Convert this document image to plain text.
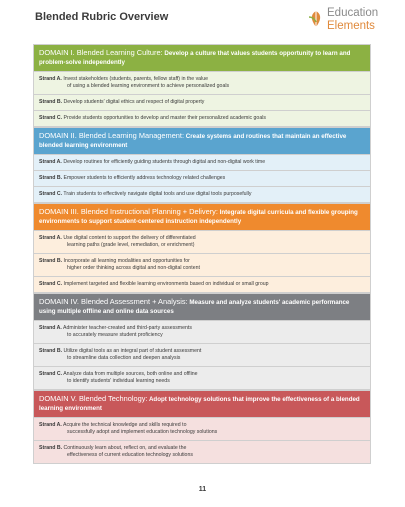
Blended Rubric Overview	Education
Elements
DOMAIN I. Blended Learning Culture: Develop a culture that values students opportunity to learn and problem-solve independently
Strand A. Invest stakeholders (students, parents, fellow staff) in the value
of using a blended learning environment to achieve personalized goals
Strand B. Develop students' digital ethics and respect of digital property
Strand C. Provide students opportunities to develop and master their personalized academic goals
DOMAIN II. Blended Learning Management: Create systems and routines that maintain an effective blended learning environment
Strand A. Develop routines for efficiently guiding students through digital and non-digital work time
Strand B. Empower students to efficiently address technology related challenges
Strand C. Train students to effectively navigate digital tools and use digital tools purposefully
DOMAIN III. Blended Instructional Planning + Delivery: Integrate digital curricula and flexible grouping environments to support student-centered instruction independently
Strand A. Use digital content to support the delivery of differentiated
learning paths (grade level, remediation, or enrichment)
Strand B. Incorporate all learning modalities and opportunities for
higher order thinking across digital and non-digital content
Strand C. Implement targeted and flexible learning environments based on individual or small group
DOMAIN IV. Blended Assessment + Analysis: Measure and analyze students' academic performance using multiple offline and online data sources
Strand A. Administer teacher-created and third-party assessments
to accurately measure student proficiency
Strand B. Utilize digital tools as an integral part of student assessment
to streamline data collection and deepen analysis
Strand C. Analyze data from multiple sources, both online and offline
to identify students' individual learning needs
DOMAIN V. Blended Technology: Adopt technology solutions that improve the effectiveness of a blended learning environment
Strand A. Acquire the technical knowledge and skills required to
successfully adopt and implement education technology solutions
Strand B. Continuously learn about, reflect on, and evaluate the
effectiveness of current education technology solutions
11
